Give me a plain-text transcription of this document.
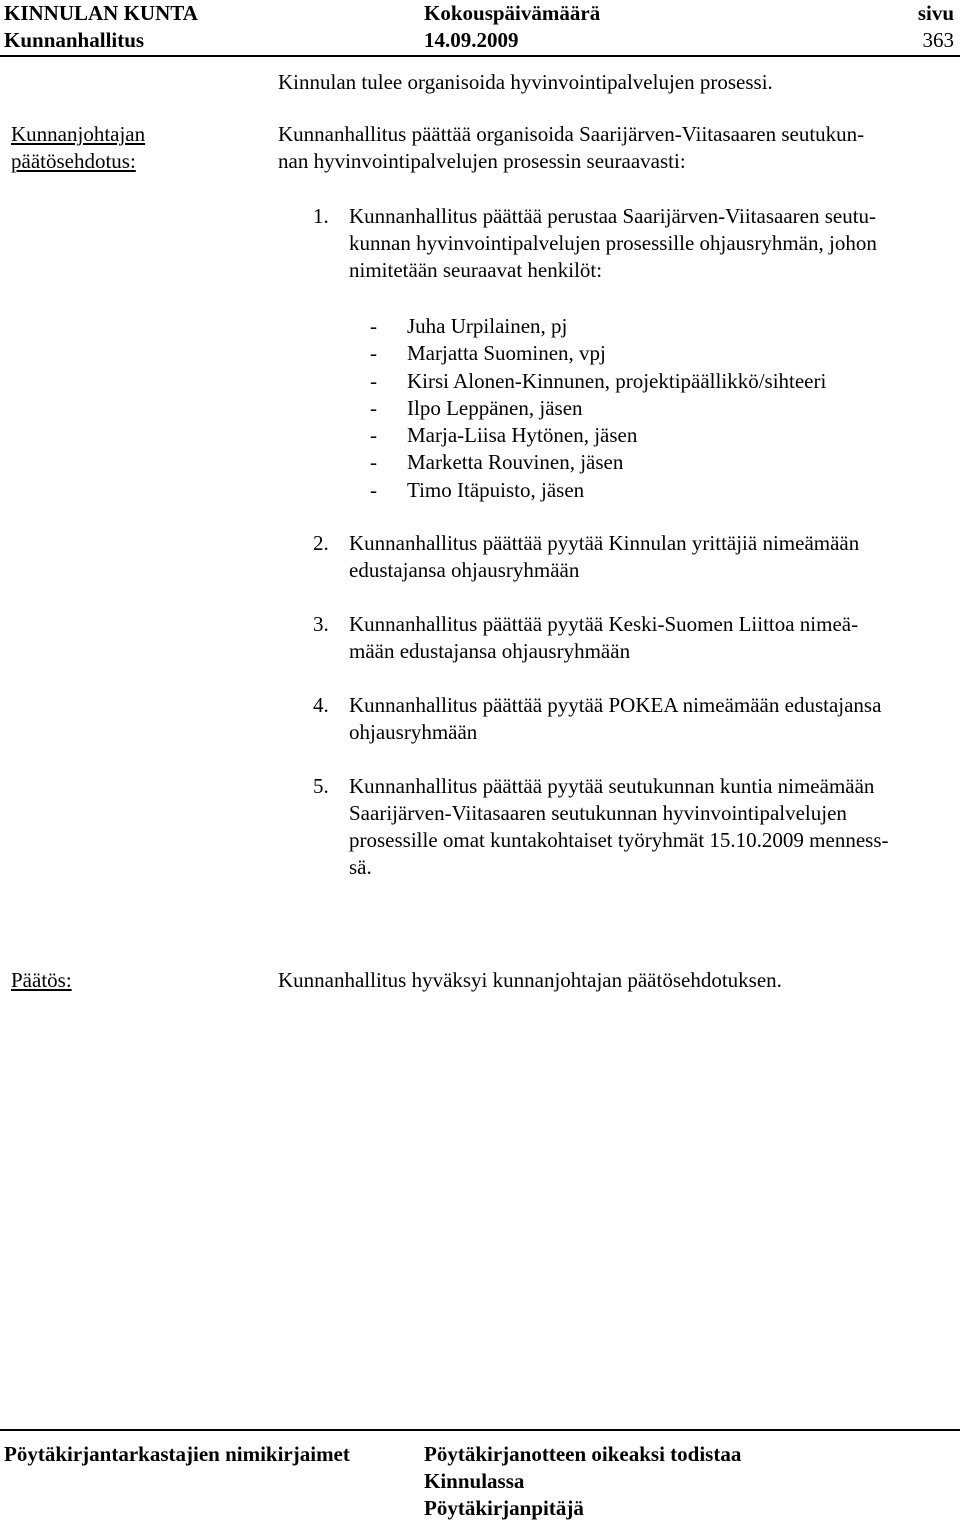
KINNULAN KUNTA
Kunnanhallitus
Kokouspäivämäärä
14.09.2009
sivu
363
Kinnulan tulee organisoida hyvinvointipalvelujen prosessi.
Kunnanjohtajan
päätösehdotus:
Kunnanhallitus päättää organisoida Saarijärven-Viitasaaren seutukun-
nan hyvinvointipalvelujen prosessin seuraavasti:
1. Kunnanhallitus päättää perustaa Saarijärven-Viitasaaren seutu-
kunnan hyvinvointipalvelujen prosessille ohjausryhmän, johon
nimitetään seuraavat henkilöt:
- Juha Urpilainen, pj
- Marjatta Suominen, vpj
- Kirsi Alonen-Kinnunen, projektipäällikkö/sihteeri
- Ilpo Leppänen, jäsen
- Marja-Liisa Hytönen, jäsen
- Marketta Rouvinen, jäsen
- Timo Itäpuisto, jäsen
2. Kunnanhallitus päättää pyytää Kinnulan yrittäjiä nimeämään
edustajansa ohjausryhmään
3. Kunnanhallitus päättää pyytää Keski-Suomen Liittoa nimeä-
mään edustajansa ohjausryhmään
4. Kunnanhallitus päättää pyytää POKEA nimeämään edustajansa
ohjausryhmään
5. Kunnanhallitus päättää pyytää seutukunnan kuntia nimeämään
Saarijärven-Viitasaaren seutukunnan hyvinvointipalvelujen
prosessille omat kuntakohtaiset työryhmät 15.10.2009 menness-
sä.
Päätös:	Kunnanhallitus hyväksyi kunnanjohtajan päätösehdotuksen.
Pöytäkirjantarkastajien nimikirjaimet	Pöytäkirjanotteen oikeaksi todistaa
Kinnulassa
Pöytäkirjanpitäjä
